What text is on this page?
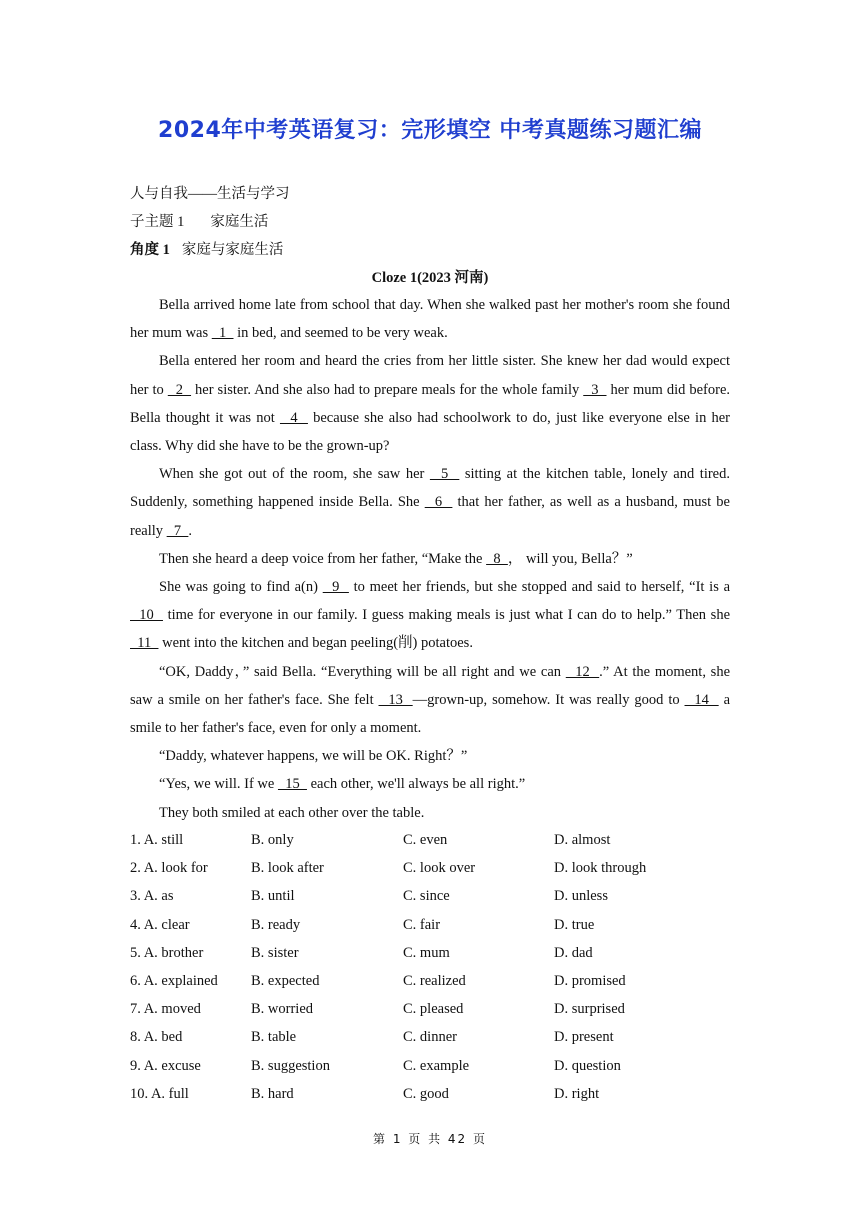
2024年中考英语复习：完形填空 中考真题练习题汇编
人与自我——生活与学习
子主题 1 家庭生活
角度 1 家庭与家庭生活
Cloze 1(2023 河南)

Bella arrived home late from school that day. When she walked past her mother's room she found her mum was   1   in bed, and seemed to be very weak.

Bella entered her room and heard the cries from her little sister. She knew her dad would expect her to   2   her sister. And she also had to prepare meals for the whole family   3   her mum did before. Bella thought it was not   4   because she also had schoolwork to do, just like everyone else in her class. Why did she have to be the grown-up?

When she got out of the room, she saw her   5   sitting at the kitchen table, lonely and tired. Suddenly, something happened inside Bella. She   6   that her father, as well as a husband, must be really   7  .

Then she heard a deep voice from her father, “Make the   8  ， will you, Bella？”

She was going to find a(n)   9   to meet her friends, but she stopped and said to herself, “It is a   10   time for everyone in our family. I guess making meals is just what I can do to help.” Then she   11   went into the kitchen and began peeling(削) potatoes.

“OK, Daddy，” said Bella. “Everything will be all right and we can   12  .” At the moment, she saw a smile on her father's face. She felt   13  —grown-up, somehow. It was really good to   14   a smile to her father's face, even for only a moment.

“Daddy, whatever happens, we will be OK. Right？”

“Yes, we will. If we   15   each other, we'll always be all right.”

They both smiled at each other over the table.

1. A. still	B. only	C. even	D. almost
2. A. look for	B. look after	C. look over	D. look through
3. A. as	B. until	C. since	D. unless
4. A. clear	B. ready	C. fair	D. true
5. A. brother	B. sister	C. mum	D. dad
6. A. explained B. expected	C. realized	D. promised
7. A. moved	B. worried	C. pleased	D. surprised
8. A. bed	B. table	C. dinner	D. present
9. A. excuse	B. suggestion	C. example	D. question
10. A. full	B. hard	C. good	D. right
第 1 页 共 42 页
